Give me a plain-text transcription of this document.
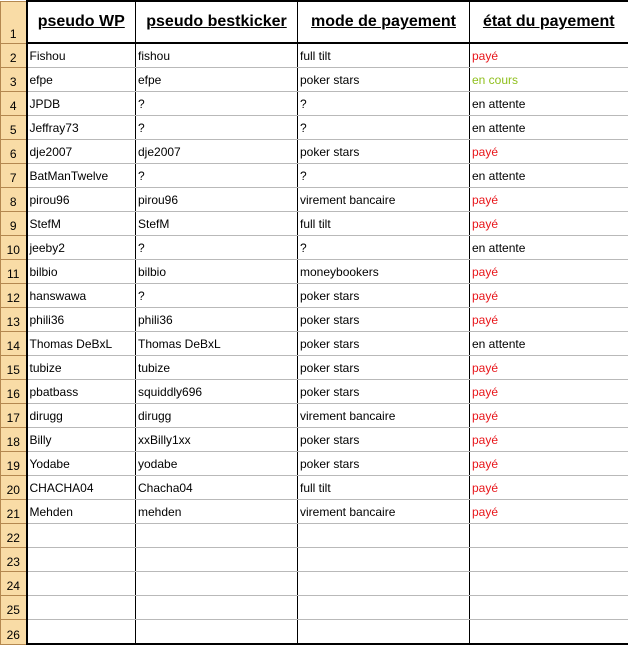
1	pseudo WP	pseudo bestkicker	mode de payement	état du payement

2	Fishou	fishou	full tilt	payé

3	efpe	efpe	poker stars	en cours

4	JPDB	?	?	en attente

5	Jeffray73	?	?	en attente

6	dje2007	dje2007	poker stars	payé

7	BatManTwelve	?	?	en attente

8	pirou96	pirou96	virement bancaire	payé

9	StefM	StefM	full tilt	payé

10	jeeby2	?	?	en attente

11	bilbio	bilbio	moneybookers	payé

12	hanswawa	?	poker stars	payé

13	phili36	phili36	poker stars	payé

14	Thomas DeBxL	Thomas DeBxL	poker stars	en attente

15	tubize	tubize	poker stars	payé

16	pbatbass	squiddly696	poker stars	payé

17	dirugg	dirugg	virement bancaire	payé

18	Billy	xxBilly1xx	poker stars	payé

19	Yodabe	yodabe	poker stars	payé

20	CHACHA04	Chacha04	full tilt	payé

21	Mehden	mehden	virement bancaire	payé

22				

23				

24				

25				

26				
